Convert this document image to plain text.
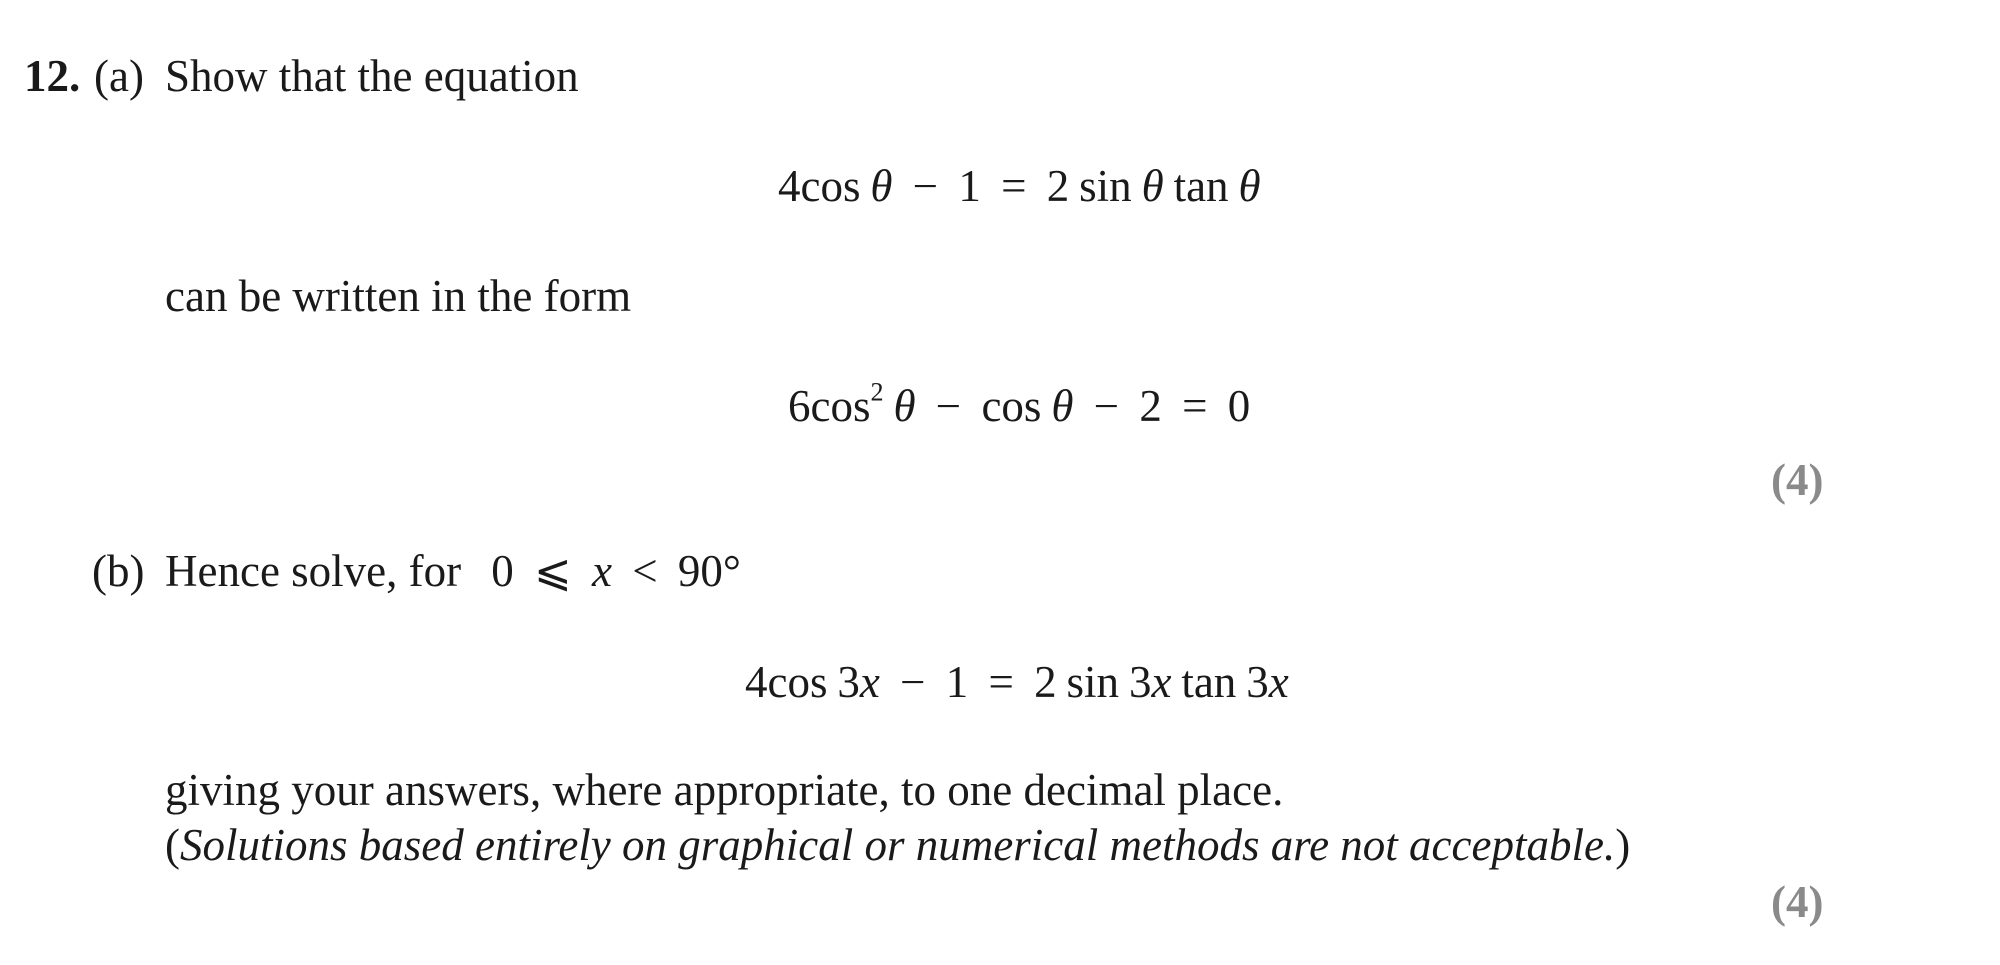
12. (a) Show that the equation
4cos θ − 1 = 2 sin θ tan θ
can be written in the form
$6\cos^2$ θ − cos θ − 2 = 0
(4)
(b) Hence solve, for 0 ⩽ x < 90°
4cos 3x − 1 = 2 sin 3x tan 3x
giving your answers, where appropriate, to one decimal place.
(Solutions based entirely on graphical or numerical methods are not acceptable.)
(4)
